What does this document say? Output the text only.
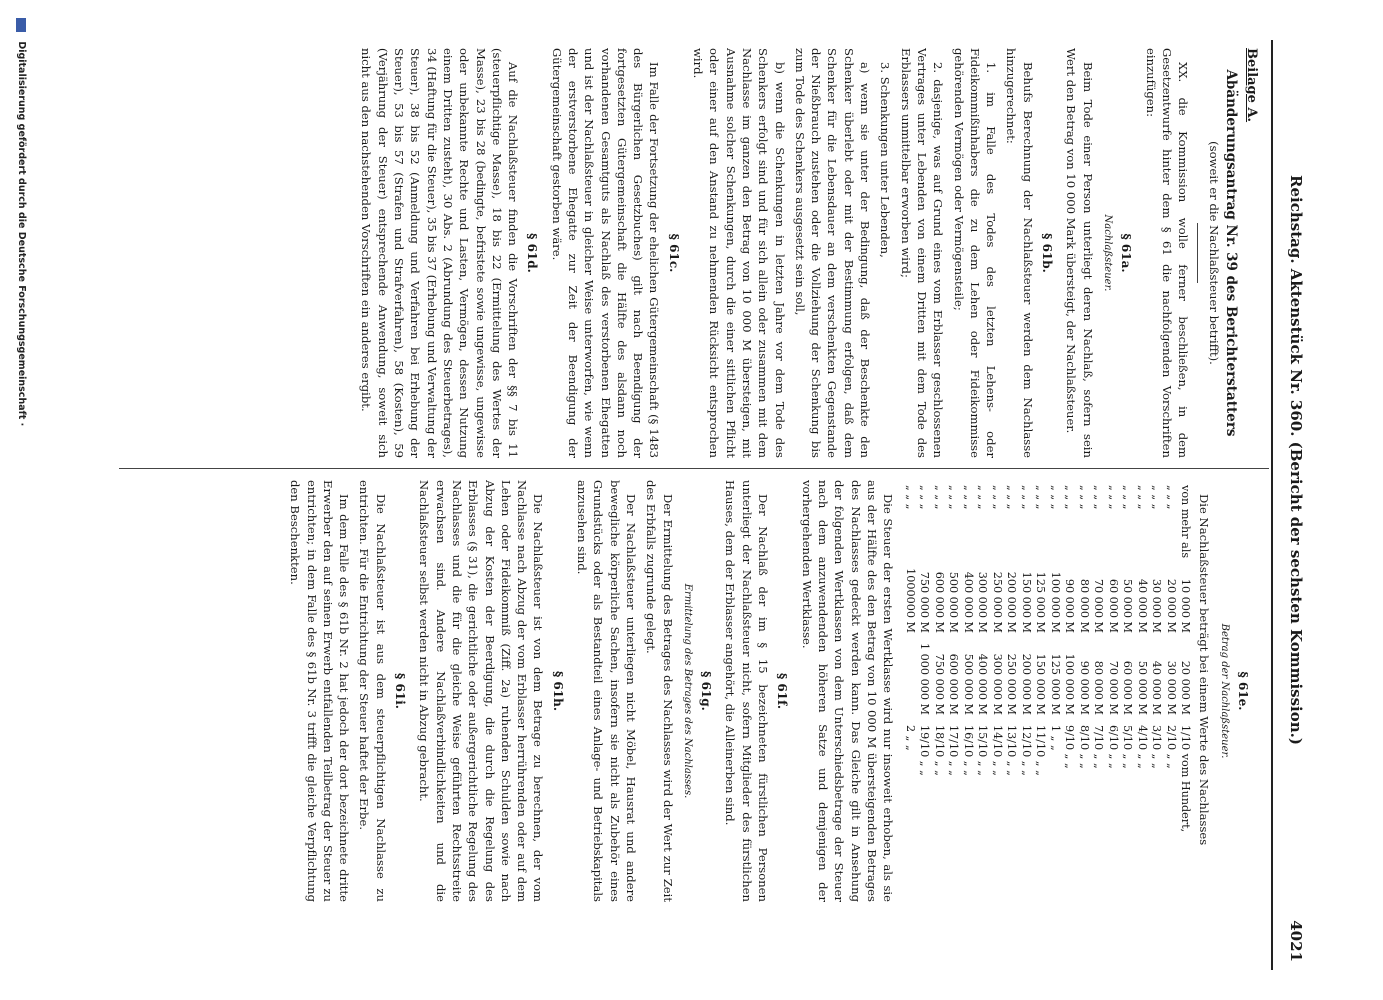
Reichstag. Aktenstück Nr. 360. (Bericht der sechsten Kommission.)
4021
Beilage A.
Abänderungsantrag Nr. 39 des Berichterstatters
(soweit er die Nachlaßsteuer betrifft).

XX. die Kommission wolle ferner beschließen, in dem Gesetzentwurfe hinter dem § 61 die nachfolgenden Vorschriften einzufügen:

§ 61a.
Nachlaßsteuer.

Beim Tode einer Person unterliegt deren Nachlaß, sofern sein Wert den Betrag von 10 000 Mark übersteigt, der Nachlaßsteuer.

§ 61b.

Behufs Berechnung der Nachlaßsteuer werden dem Nachlasse hinzugerechnet:

1. im Falle des Todes des letzten Lehens- oder Fideikommißinhabers die zu dem Lehen oder Fideikommisse gehörenden Vermögen oder Vermögensteile;

2. dasjenige, was auf Grund eines vom Erblasser geschlossenen Vertrages unter Lebenden von einem Dritten mit dem Tode des Erblassers unmittelbar erworben wird;

3. Schenkungen unter Lebenden,

a) wenn sie unter der Bedingung, daß der Beschenkte den Schenker überlebt oder mit der Bestimmung erfolgen, daß dem Schenker für die Lebensdauer an dem verschenkten Gegenstande der Nießbrauch zustehen oder die Vollziehung der Schenkung bis zum Tode des Schenkers ausgesetzt sein soll,

b) wenn die Schenkungen in letzten Jahre vor dem Tode des Schenkers erfolgt sind und für sich allein oder zusammen mit dem Nachlasse im ganzen den Betrag von 10 000 M übersteigen, mit Ausnahme solcher Schenkungen, durch die einer sittlichen Pflicht oder einer auf den Anstand zu nehmenden Rücksicht entsprochen wird.

§ 61c.

Im Falle der Fortsetzung der ehelichen Gütergemeinschaft (§ 1483 des Bürgerlichen Gesetzbuches) gilt nach Beendigung der fortgesetzten Gütergemeinschaft die Hälfte des alsdann noch vorhandenen Gesamtguts als Nachlaß des verstorbenen Ehegatten und ist der Nachlaßsteuer in gleicher Weise unterworfen, wie wenn der erstverstorbene Ehegatte zur Zeit der Beendigung der Gütergemeinschaft gestorben wäre.

§ 61d.

Auf die Nachlaßsteuer finden die Vorschriften der §§ 7 bis 11 (steuerpflichtige Masse), 18 bis 22 (Ermittelung des Wertes der Masse), 23 bis 28 (bedingte, befristete sowie ungewisse, ungewisse oder unbekannte Rechte und Lasten, Vermögen, dessen Nutzung einem Dritten zusteht), 30 Abs. 2 (Abrundung des Steuerbetrages), 34 (Haftung für die Steuer), 35 bis 37 (Erhebung und Verwaltung der Steuer), 38 bis 52 (Anmeldung und Verfahren bei Erhebung der Steuer), 53 bis 57 (Strafen und Strafverfahren), 58 (Kosten), 59 (Verjährung der Steuer) entsprechende Anwendung, soweit sich nicht aus den nachstehenden Vorschriften ein anderes ergibt.

§ 61e.
Betrag der Nachlaßsteuer.

Die Nachlaßsteuer beträgt bei einem Werte des Nachlasses

von mehr als	10 000 M	20 000 M	1/10 vom Hundert,
„ „ „	20 000 M	30 000 M	2/10 „ „
„ „ „	30 000 M	40 000 M	3/10 „ „
„ „ „	40 000 M	50 000 M	4/10 „ „
„ „ „	50 000 M	60 000 M	5/10 „ „
„ „ „	60 000 M	70 000 M	6/10 „ „
„ „ „	70 000 M	80 000 M	7/10 „ „
„ „ „	80 000 M	90 000 M	8/10 „ „
„ „ „	90 000 M	100 000 M	9/10 „ „
„ „ „	100 000 M	125 000 M	1 „ „
„ „ „	125 000 M	150 000 M	11/10 „ „
„ „ „	150 000 M	200 000 M	12/10 „ „
„ „ „	200 000 M	250 000 M	13/10 „ „
„ „ „	250 000 M	300 000 M	14/10 „ „
„ „ „	300 000 M	400 000 M	15/10 „ „
„ „ „	400 000 M	500 000 M	16/10 „ „
„ „ „	500 000 M	600 000 M	17/10 „ „
„ „ „	600 000 M	750 000 M	18/10 „ „
„ „ „	750 000 M	1 000 000 M	19/10 „ „
„ „ „	1000000 M		2 „ „

Die Steuer der ersten Wertklasse wird nur insoweit erhoben, als sie aus der Hälfte des den Betrag von 10 000 M übersteigenden Betrages des Nachlasses gedeckt werden kann. Das Gleiche gilt in Ansehung der folgenden Wertklassen von dem Unterschiedsbetrage der Steuer nach dem anzuwendenden höheren Satze und demjenigen der vorhergehenden Wertklasse.

§ 61f.

Der Nachlaß der im § 15 bezeichneten fürstlichen Personen unterliegt der Nachlaßsteuer nicht, sofern Mitglieder des fürstlichen Hauses, dem der Erblasser angehört, die Alleinerben sind.

§ 61g.
Ermittelung des Betrages des Nachlasses.

Der Ermittelung des Betrages des Nachlasses wird der Wert zur Zeit des Erbfalls zugrunde gelegt.

Der Nachlaßsteuer unterliegen nicht Möbel, Hausrat und andere bewegliche körperliche Sachen, insofern sie nicht als Zubehör eines Grundstücks oder als Bestandteil eines Anlage- und Betriebskapitals anzusehen sind.

§ 61h.

Die Nachlaßsteuer ist von dem Betrage zu berechnen, der vom Nachlasse nach Abzug der vom Erblasser herrührenden oder auf dem Lehen oder Fideikommiß (Ziff. 2a) ruhenden Schulden sowie nach Abzug der Kosten der Beerdigung, die durch die Regelung des Erblasses (§ 31), die gerichtliche oder außergerichtliche Regelung des Nachlasses und die für die gleiche Weise geführten Rechtsstreite erwachsen sind. Andere Nachlaßverbindlichkeiten und die Nachlaßsteuer selbst werden nicht in Abzug gebracht.

§ 61i.

Die Nachlaßsteuer ist aus dem steuerpflichtigen Nachlasse zu entrichten. Für die Entrichtung der Steuer haftet der Erbe.

Im dem Falle des § 61b Nr. 2 hat jedoch der dort bezeichnete dritte Erwerber den auf seinen Erwerb entfallenden Teilbetrag der Steuer zu entrichten; in dem Falle des § 61b Nr. 3 trifft die gleiche Verpflichtung den Beschenkten.

Digitalisierung gefördert durch die Deutsche Forschungsgemeinschaft ·
